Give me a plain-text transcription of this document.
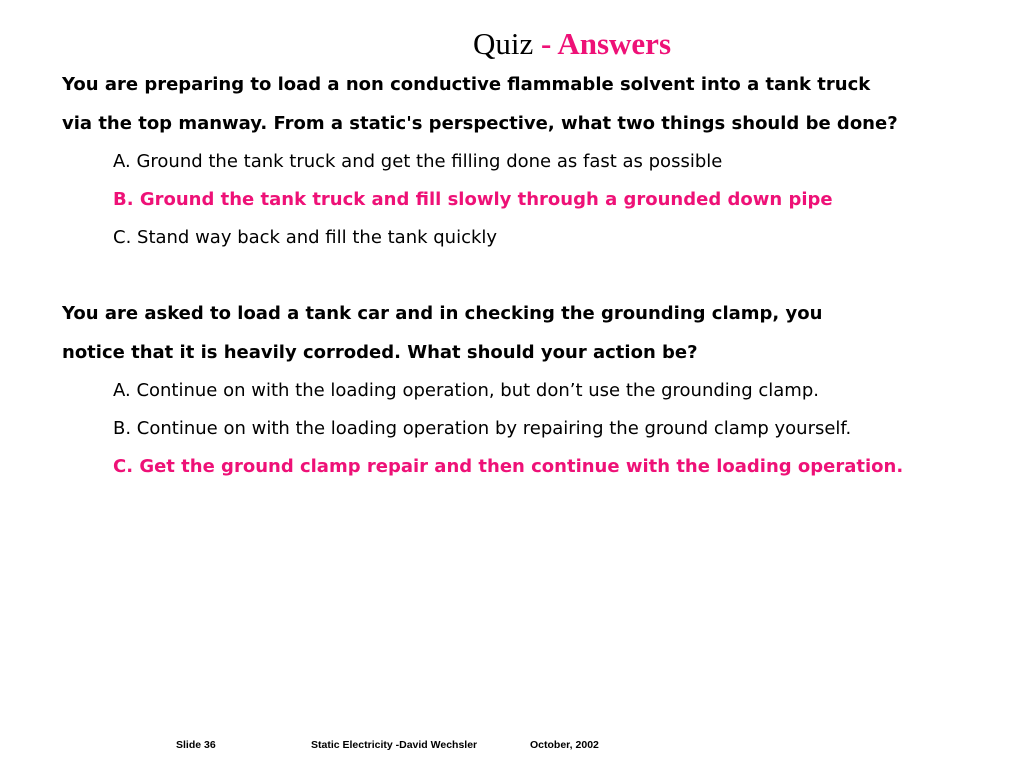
Quiz - Answers
You are preparing to load a non conductive flammable solvent into a tank truck
via the top manway. From a static's perspective, what two things should be done?
A. Ground the tank truck and get the filling done as fast as possible
B. Ground the tank truck and fill slowly through a grounded down pipe
C. Stand way back and fill the tank quickly
You are asked to load a tank car and in checking the grounding clamp, you
notice that it is heavily corroded. What should your action be?
A. Continue on with the loading operation, but don’t use the grounding clamp.
B. Continue on with the loading operation by repairing the ground clamp yourself.
C. Get the ground clamp repair and then continue with the loading operation.
Slide 36	Static Electricity -David Wechsler	October, 2002
